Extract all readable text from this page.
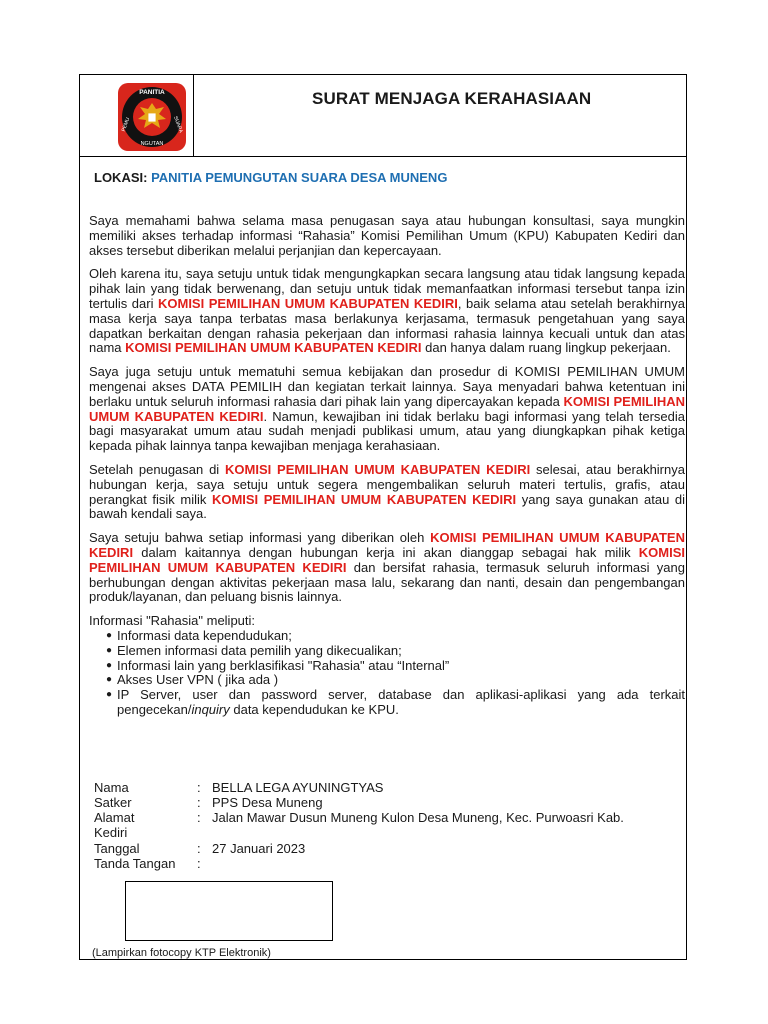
PANITIA
PEMU
NGUTAN
SUARA
SURAT MENJAGA KERAHASIAAN
LOKASI: PANITIA PEMUNGUTAN SUARA DESA MUNENG

Saya memahami bahwa selama masa penugasan saya atau hubungan konsultasi, saya mungkin memiliki akses terhadap informasi “Rahasia” Komisi Pemilihan Umum (KPU) Kabupaten Kediri dan akses tersebut diberikan melalui perjanjian dan kepercayaan.

Oleh karena itu, saya setuju untuk tidak mengungkapkan secara langsung atau tidak langsung kepada pihak lain yang tidak berwenang, dan setuju untuk tidak memanfaatkan informasi tersebut tanpa izin tertulis dari KOMISI PEMILIHAN UMUM KABUPATEN KEDIRI, baik selama atau setelah berakhirnya masa kerja saya tanpa terbatas masa berlakunya kerjasama, termasuk pengetahuan yang saya dapatkan berkaitan dengan rahasia pekerjaan dan informasi rahasia lainnya kecuali untuk dan atas nama KOMISI PEMILIHAN UMUM KABUPATEN KEDIRI dan hanya dalam ruang lingkup pekerjaan.

Saya juga setuju untuk mematuhi semua kebijakan dan prosedur di KOMISI PEMILIHAN UMUM mengenai akses DATA PEMILIH dan kegiatan terkait lainnya. Saya menyadari bahwa ketentuan ini berlaku untuk seluruh informasi rahasia dari pihak lain yang dipercayakan kepada KOMISI PEMILIHAN UMUM KABUPATEN KEDIRI. Namun, kewajiban ini tidak berlaku bagi informasi yang telah tersedia bagi masyarakat umum atau sudah menjadi publikasi umum, atau yang diungkapkan pihak ketiga kepada pihak lainnya tanpa kewajiban menjaga kerahasiaan.

Setelah penugasan di KOMISI PEMILIHAN UMUM KABUPATEN KEDIRI selesai, atau berakhirnya hubungan kerja, saya setuju untuk segera mengembalikan seluruh materi tertulis, grafis, atau perangkat fisik milik KOMISI PEMILIHAN UMUM KABUPATEN KEDIRI yang saya gunakan atau di bawah kendali saya.

Saya setuju bahwa setiap informasi yang diberikan oleh KOMISI PEMILIHAN UMUM KABUPATEN KEDIRI dalam kaitannya dengan hubungan kerja ini akan dianggap sebagai hak milik KOMISI PEMILIHAN UMUM KABUPATEN KEDIRI dan bersifat rahasia, termasuk seluruh informasi yang berhubungan dengan aktivitas pekerjaan masa lalu, sekarang dan nanti, desain dan pengembangan produk/layanan, dan peluang bisnis lainnya.

Informasi "Rahasia" meliputi:
● Informasi data kependudukan;
● Elemen informasi data pemilih yang dikecualikan;
● Informasi lain yang berklasifikasi "Rahasia" atau “Internal”
● Akses User VPN ( jika ada )
● IP Server, user dan password server, database dan aplikasi-aplikasi yang ada terkait pengecekan/inquiry data kependudukan ke KPU.
Nama	: BELLA LEGA AYUNINGTYAS
Satker	: PPS Desa Muneng
Alamat	: Jalan Mawar Dusun Muneng Kulon Desa Muneng, Kec. Purwoasri Kab.
Kediri
Tanggal	: 27 Januari 2023
Tanda Tangan :
(Lampirkan fotocopy KTP Elektronik)
